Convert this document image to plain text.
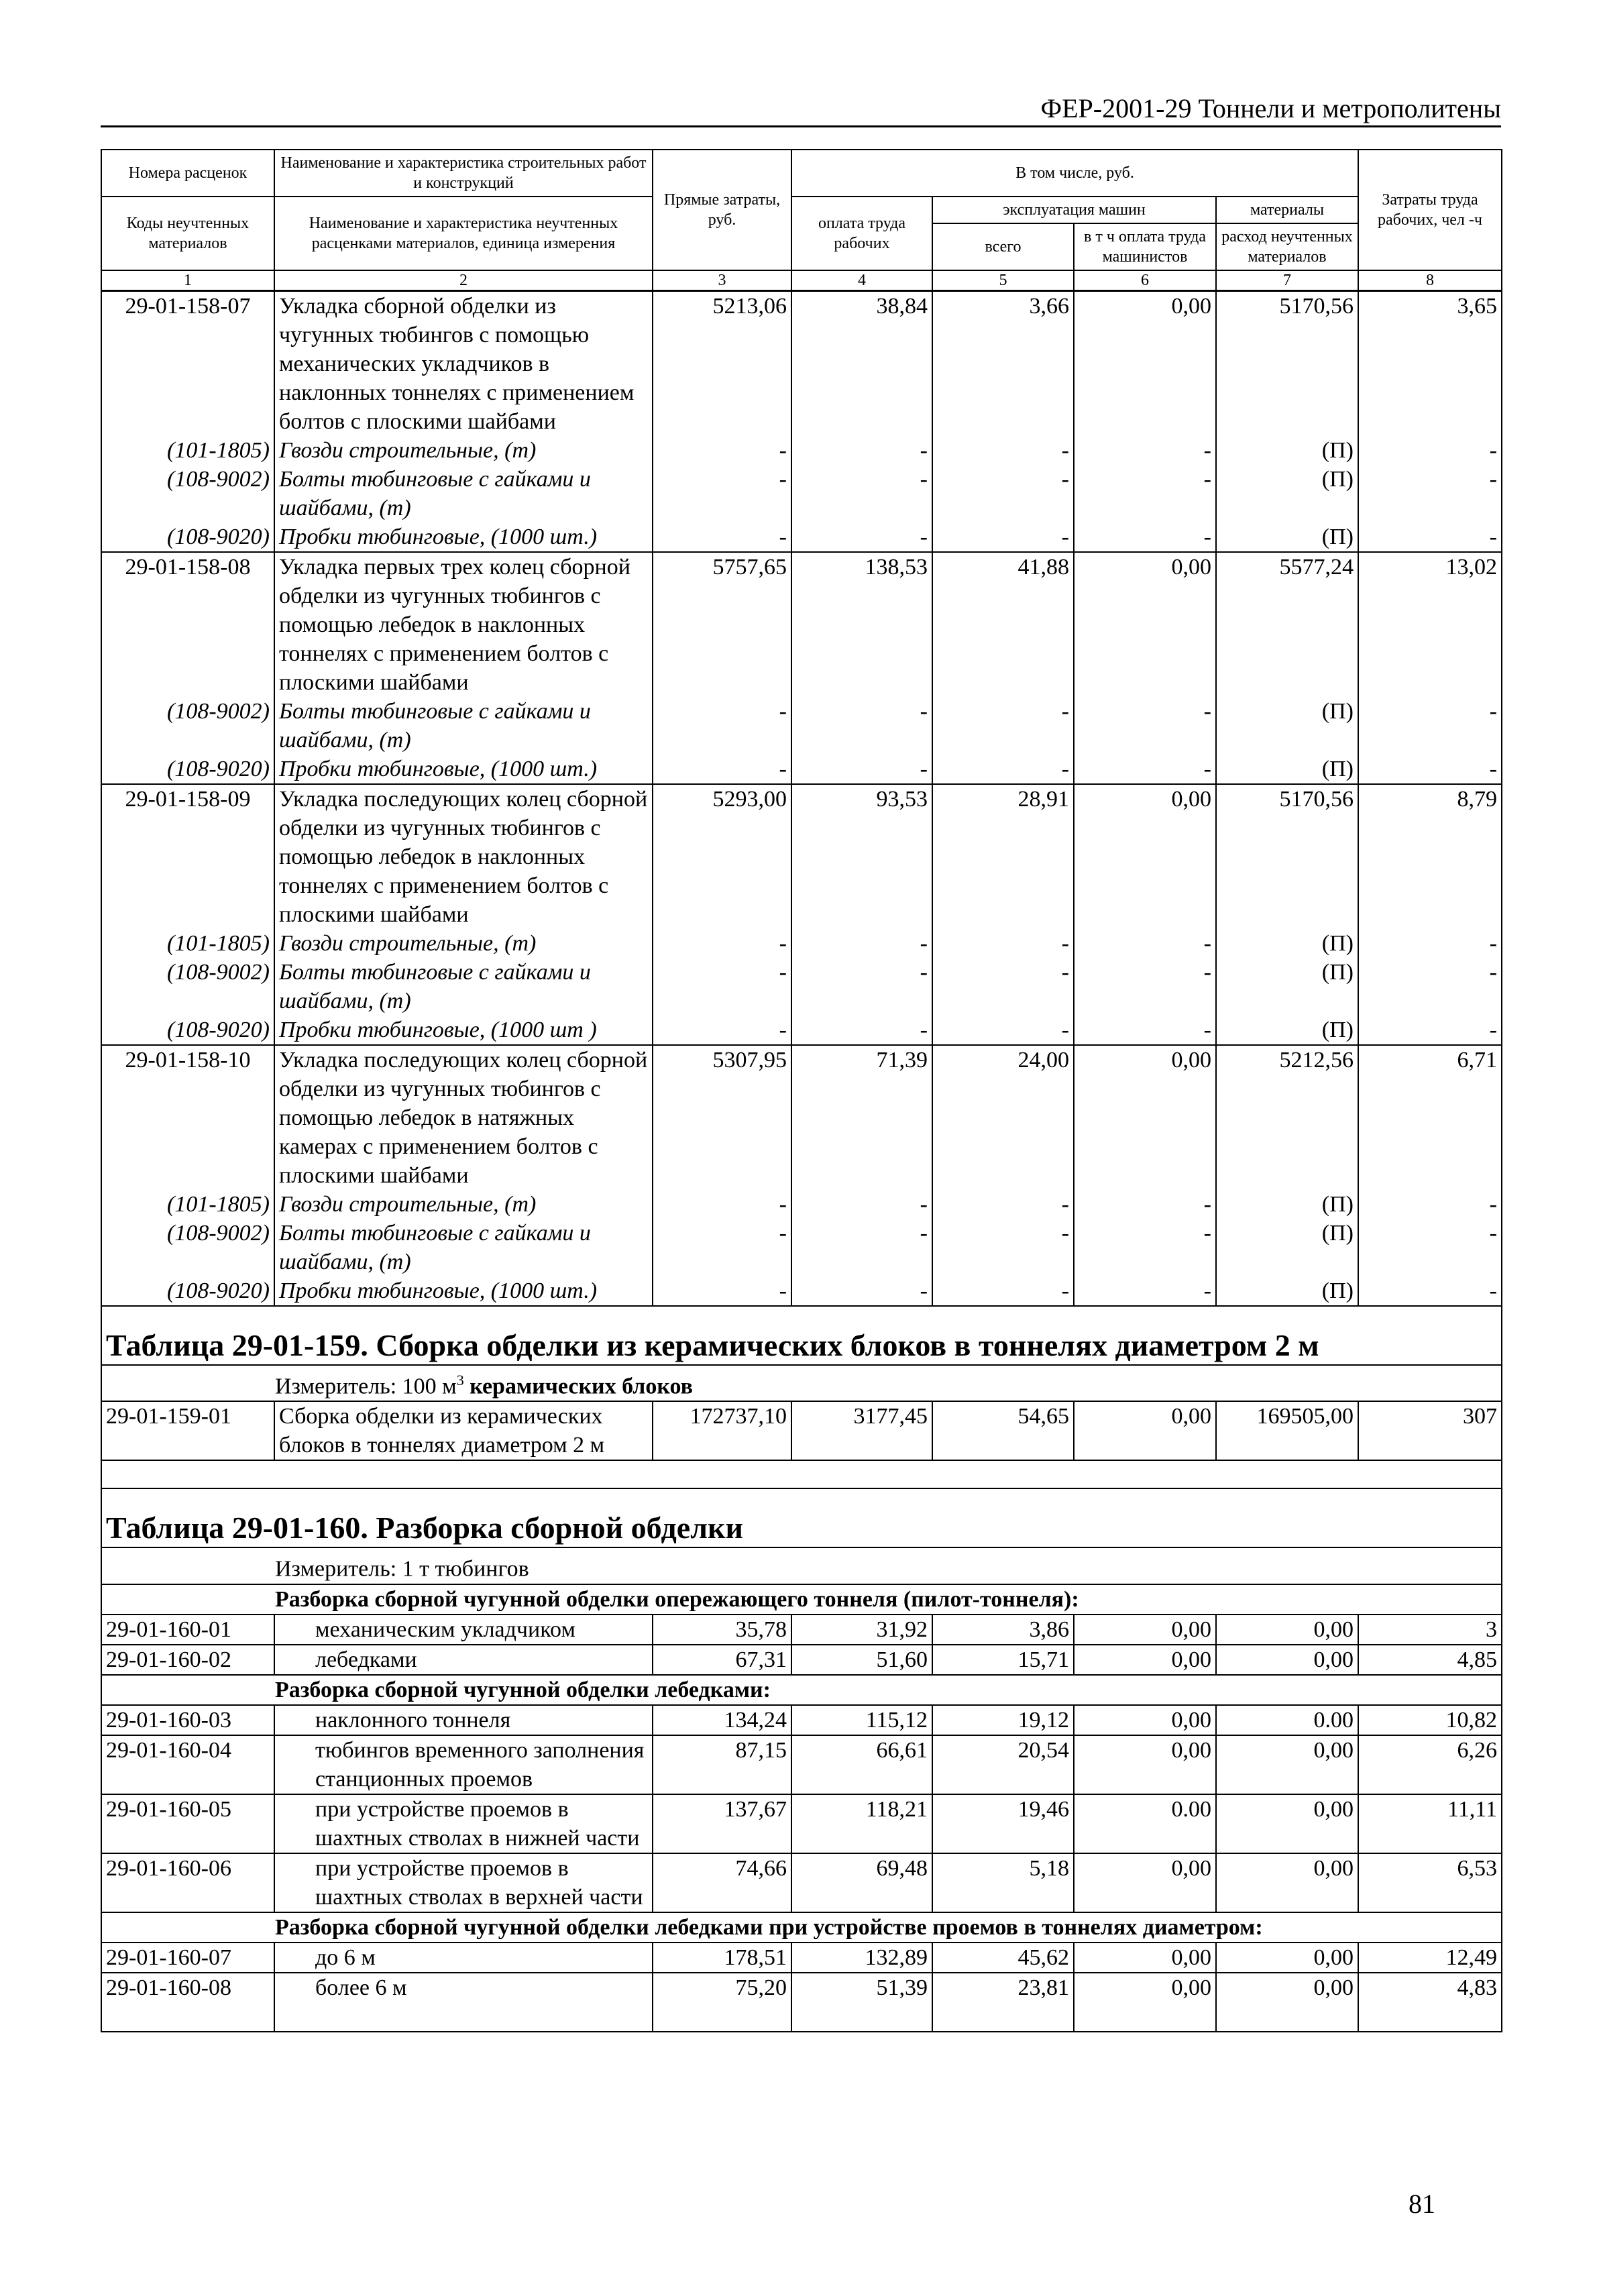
ФЕР-2001-29 Тоннели и метрополитены
Номера расценок	Наименование и характеристика строительных работ и конструкций	Прямые затраты, руб.	В том числе, руб.				Затраты труда рабочих, чел -ч
Коды неучтенных материалов	Наименование и характеристика неучтенных расценками материалов, единица измерения		оплата труда рабочих	эксплуатация машин		материалы	
				всего	в т ч оплата труда машинистов	расход неучтенных материалов	
1	2	3	4	5	6	7	8
29-01-158-07	Укладка сборной обделки из чугунных тюбингов с помощью механических укладчиков в наклонных тоннелях с применением болтов с плоскими шайбами	5213,06	38,84	3,66	0,00	5170,56	3,65
(101-1805)	Гвозди строительные, (т)	-	-	-	-	(П)	-
(108-9002)	Болты тюбинговые с гайками и шайбами, (т)	-	-	-	-	(П)	-
(108-9020)	Пробки тюбинговые, (1000 шт.)	-	-	-	-	(П)	-
29-01-158-08	Укладка первых трех колец сборной обделки из чугунных тюбингов с помощью лебедок в наклонных тоннелях с применением болтов с плоскими шайбами	5757,65	138,53	41,88	0,00	5577,24	13,02
(108-9002)	Болты тюбинговые с гайками и шайбами, (т)	-	-	-	-	(П)	-
(108-9020)	Пробки тюбинговые, (1000 шт.)	-	-	-	-	(П)	-
29-01-158-09	Укладка последующих колец сборной обделки из чугунных тюбингов с помощью лебедок в наклонных тоннелях с применением болтов с плоскими шайбами	5293,00	93,53	28,91	0,00	5170,56	8,79
(101-1805)	Гвозди строительные, (т)	-	-	-	-	(П)	-
(108-9002)	Болты тюбинговые с гайками и шайбами, (т)	-	-	-	-	(П)	-
(108-9020)	Пробки тюбинговые, (1000 шт )	-	-	-	-	(П)	-
29-01-158-10	Укладка последующих колец сборной обделки из чугунных тюбингов с помощью лебедок в натяжных камерах с применением болтов с плоскими шайбами	5307,95	71,39	24,00	0,00	5212,56	6,71
(101-1805)	Гвозди строительные, (т)	-	-	-	-	(П)	-
(108-9002)	Болты тюбинговые с гайками и шайбами, (т)	-	-	-	-	(П)	-
(108-9020)	Пробки тюбинговые, (1000 шт.)	-	-	-	-	(П)	-
Таблица 29-01-159. Сборка обделки из керамических блоков в тоннелях диаметром 2 м							
Измеритель: 100 $м^3$ керамических блоков							
29-01-159-01	Сборка обделки из керамических блоков в тоннелях диаметром 2 м	172737,10	3177,45	54,65	0,00	169505,00	307

Таблица 29-01-160. Разборка сборной обделки							
Измеритель: 1 т тюбингов							
Разборка сборной чугунной обделки опережающего тоннеля (пилот-тоннеля):							
29-01-160-01	механическим укладчиком	35,78	31,92	3,86	0,00	0,00	3
29-01-160-02	лебедками	67,31	51,60	15,71	0,00	0,00	4,85
Разборка сборной чугунной обделки лебедками:							
29-01-160-03	наклонного тоннеля	134,24	115,12	19,12	0,00	0.00	10,82
29-01-160-04	тюбингов временного заполнения станционных проемов	87,15	66,61	20,54	0,00	0,00	6,26
29-01-160-05	при устройстве проемов в шахтных стволах в нижней части	137,67	118,21	19,46	0.00	0,00	11,11
29-01-160-06	при устройстве проемов в шахтных стволах в верхней части	74,66	69,48	5,18	0,00	0,00	6,53
Разборка сборной чугунной обделки лебедками при устройстве проемов в тоннелях диаметром:							
29-01-160-07	до 6 м	178,51	132,89	45,62	0,00	0,00	12,49
29-01-160-08	более 6 м	75,20	51,39	23,81	0,00	0,00	4,83
81
